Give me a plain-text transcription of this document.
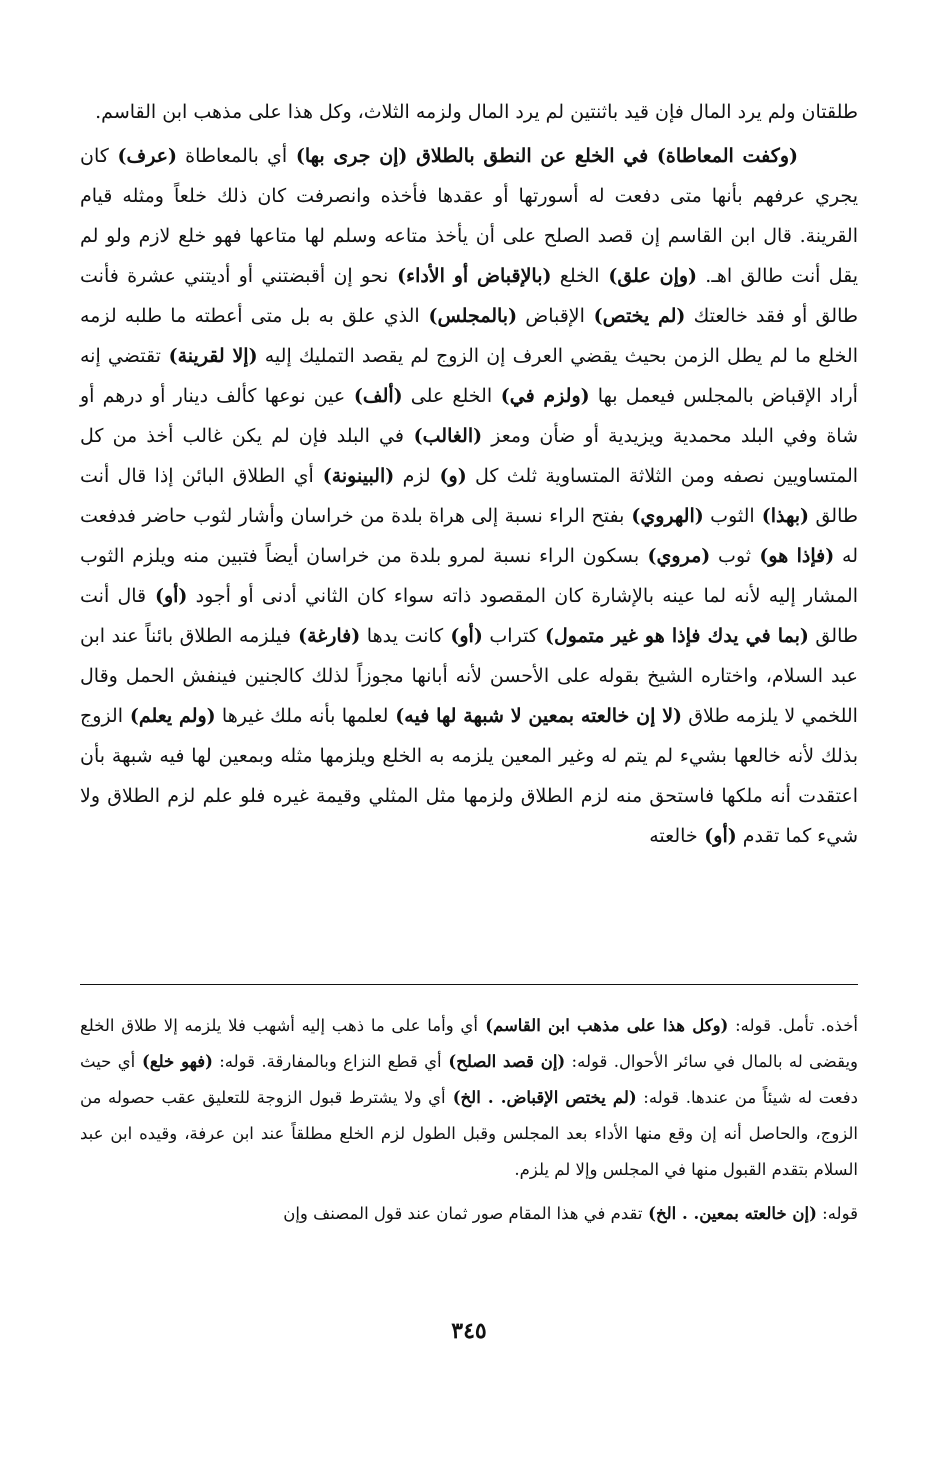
طلقتان ولم يرد المال فإن قيد باثنتين لم يرد المال ولزمه الثلاث، وكل هذا على مذهب ابن القاسم.

(وكفت المعاطاة) في الخلع عن النطق بالطلاق (إن جرى بها) أي بالمعاطاة (عرف) كان يجري عرفهم بأنها متى دفعت له أسورتها أو عقدها فأخذه وانصرفت كان ذلك خلعاً ومثله قيام القرينة. قال ابن القاسم إن قصد الصلح على أن يأخذ متاعه وسلم لها متاعها فهو خلع لازم ولو لم يقل أنت طالق اهـ. (وإن علق) الخلع (بالإقباض أو الأداء) نحو إن أقبضتني أو أديتني عشرة فأنت طالق أو فقد خالعتك (لم يختص) الإقباض (بالمجلس) الذي علق به بل متى أعطته ما طلبه لزمه الخلع ما لم يطل الزمن بحيث يقضي العرف إن الزوج لم يقصد التمليك إليه (إلا لقرينة) تقتضي إنه أراد الإقباض بالمجلس فيعمل بها (ولزم في) الخلع على (ألف) عين نوعها كألف دينار أو درهم أو شاة وفي البلد محمدية ويزيدية أو ضأن ومعز (الغالب) في البلد فإن لم يكن غالب أخذ من كل المتساويين نصفه ومن الثلاثة المتساوية ثلث كل (و) لزم (البينونة) أي الطلاق البائن إذا قال أنت طالق (بهذا) الثوب (الهروي) بفتح الراء نسبة إلى هراة بلدة من خراسان وأشار لثوب حاضر فدفعت له (فإذا هو) ثوب (مروي) بسكون الراء نسبة لمرو بلدة من خراسان أيضاً فتبين منه ويلزم الثوب المشار إليه لأنه لما عينه بالإشارة كان المقصود ذاته سواء كان الثاني أدنى أو أجود (أو) قال أنت طالق (بما في يدك فإذا هو غير متمول) كتراب (أو) كانت يدها (فارغة) فيلزمه الطلاق بائناً عند ابن عبد السلام، واختاره الشيخ بقوله على الأحسن لأنه أبانها مجوزاً لذلك كالجنين فينفش الحمل وقال اللخمي لا يلزمه طلاق (لا إن خالعته بمعين لا شبهة لها فيه) لعلمها بأنه ملك غيرها (ولم يعلم) الزوج بذلك لأنه خالعها بشيء لم يتم له وغير المعين يلزمه به الخلع ويلزمها مثله وبمعين لها فيه شبهة بأن اعتقدت أنه ملكها فاستحق منه لزم الطلاق ولزمها مثل المثلي وقيمة غيره فلو علم لزم الطلاق ولا شيء كما تقدم (أو) خالعته

أخذه. تأمل. قوله: (وكل هذا على مذهب ابن القاسم) أي وأما على ما ذهب إليه أشهب فلا يلزمه إلا طلاق الخلع ويقضى له بالمال في سائر الأحوال. قوله: (إن قصد الصلح) أي قطع النزاع وبالمفارقة. قوله: (فهو خلع) أي حيث دفعت له شيئاً من عندها. قوله: (لم يختص الإقباض. . الخ) أي ولا يشترط قبول الزوجة للتعليق عقب حصوله من الزوج، والحاصل أنه إن وقع منها الأداء بعد المجلس وقبل الطول لزم الخلع مطلقاً عند ابن عرفة، وقيده ابن عبد السلام بتقدم القبول منها في المجلس وإلا لم يلزم.

قوله: (إن خالعته بمعين. . الخ) تقدم في هذا المقام صور ثمان عند قول المصنف وإن

٣٤٥
